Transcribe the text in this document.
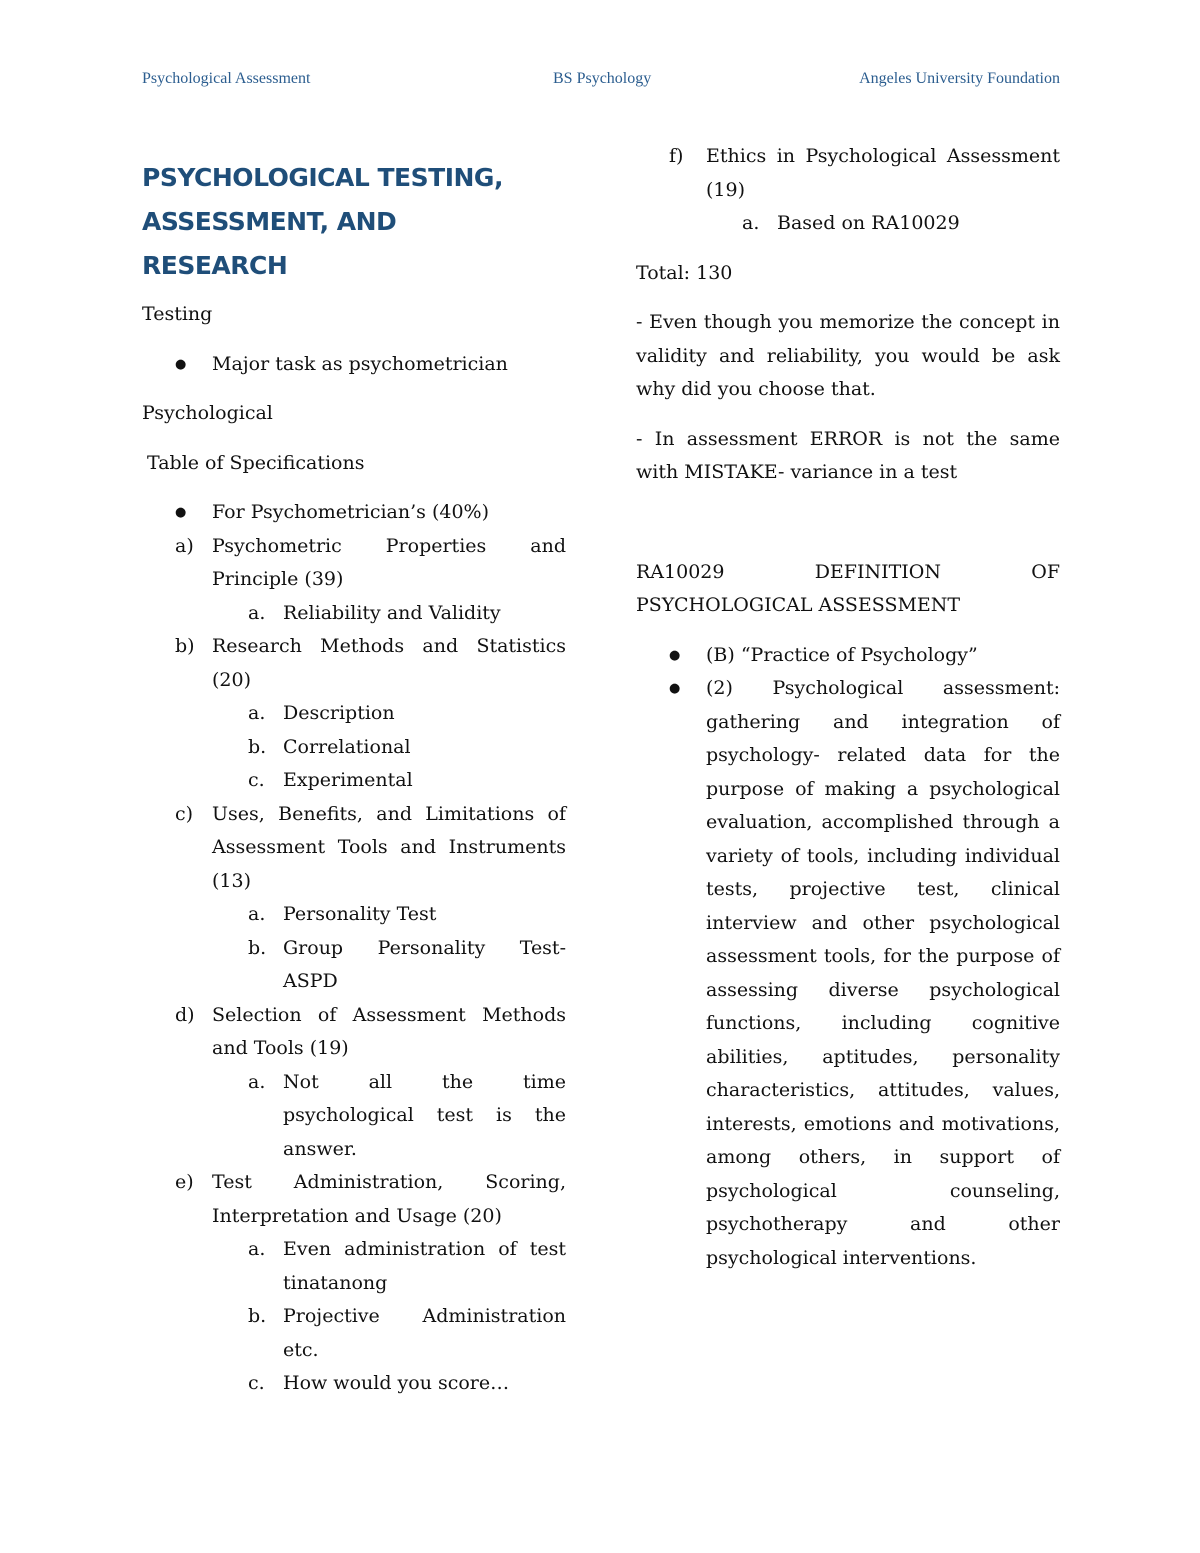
Psychological Assessment	BS Psychology	Angeles University Foundation
PSYCHOLOGICAL TESTING,
ASSESSMENT, AND
RESEARCH
Testing
● Major task as psychometrician
Psychological
Table of Specifications
● For Psychometrician’s (40%)
a) Psychometric Properties and Principle (39)
a. Reliability and Validity
b) Research Methods and Statistics (20)
a. Description
b. Correlational
c. Experimental
c) Uses, Benefits, and Limitations of Assessment Tools and Instruments (13)
a. Personality Test
b. Group Personality Test- ASPD
d) Selection of Assessment Methods and Tools (19)
a. Not all the time psychological test is the answer.
e) Test Administration, Scoring, Interpretation and Usage (20)
a. Even administration of test tinatanong
b. Projective Administration etc.
c. How would you score…
f) Ethics in Psychological Assessment (19)
a. Based on RA10029
Total: 130
- Even though you memorize the concept in validity and reliability, you would be ask why did you choose that.
- In assessment ERROR is not the same with MISTAKE- variance in a test
RA10029 DEFINITION OF PSYCHOLOGICAL ASSESSMENT
● (B) “Practice of Psychology”
● (2) Psychological assessment: gathering and integration of psychology- related data for the purpose of making a psychological evaluation, accomplished through a variety of tools, including individual tests, projective test, clinical interview and other psychological assessment tools, for the purpose of assessing diverse psychological functions, including cognitive abilities, aptitudes, personality characteristics, attitudes, values, interests, emotions and motivations, among others, in support of psychological counseling, psychotherapy and other psychological interventions.
